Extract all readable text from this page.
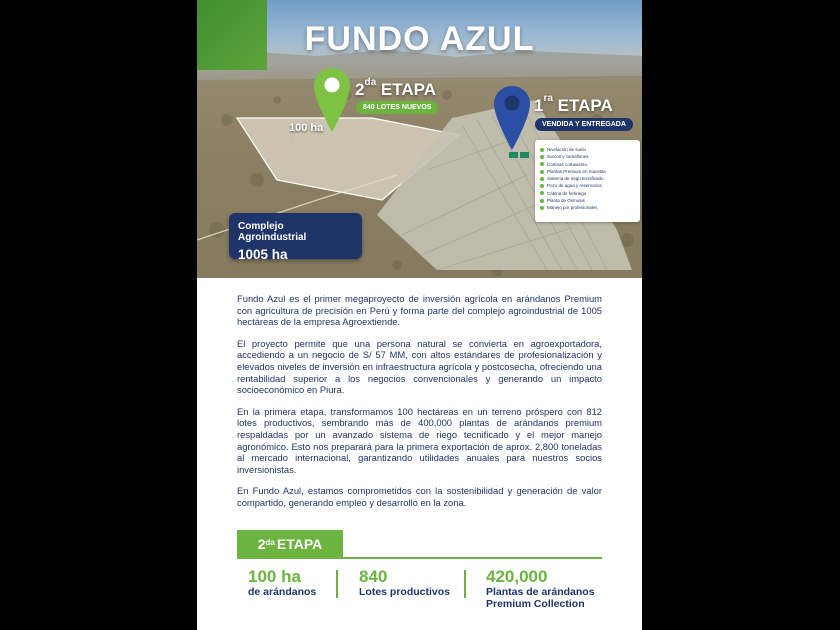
FUNDO AZUL
$2^{da}$ ETAPA
840 LOTES NUEVOS
100 ha
$1^{ra}$ ETAPA
VENDIDA Y ENTREGADA
Nivelación de suelo
Surcos y camellones
Cortinas cortaviento
Plantas Premium en macetas
Sistema de riego tecnificado
Pozo de agua y reservorios
Cabina de fertiriego
Planta de Ósmosis
Manejo por profesionales
Complejo Agroindustrial
1005 ha

Fundo Azul es el primer megaproyecto de inversión agrícola en arándanos Premium con agricultura de precisión en Perú y forma parte del complejo agroindustrial de 1005 hectáreas de la empresa Agroextiende.

El proyecto permite que una persona natural se convierta en agroexportadora, accediendo a un negocio de S/ 57 MM, con altos estándares de profesionalización y elevados niveles de inversión en infraestructura agrícola y postcosecha, ofreciendo una rentabilidad superior a los negocios convencionales y generando un impacto socioeconómico en Piura.

En la primera etapa, transformamos 100 hectáreas en un terreno próspero con 812 lotes productivos, sembrando más de 400,000 plantas de arándanos premium respaldadas por un avanzado sistema de riego tecnificado y el mejor manejo agronómico. Esto nos preparará para la primera exportación de aprox. 2,800 toneladas al mercado internacional, garantizando utilidades anuales para nuestros socios inversionistas.

En Fundo Azul, estamos comprometidos con la sostenibilidad y generación de valor compartido, generando empleo y desarrollo en la zona.

$2^{da}$ ETAPA
100 ha
de arándanos
840
Lotes productivos
420,000
Plantas de arándanos Premium Collection
